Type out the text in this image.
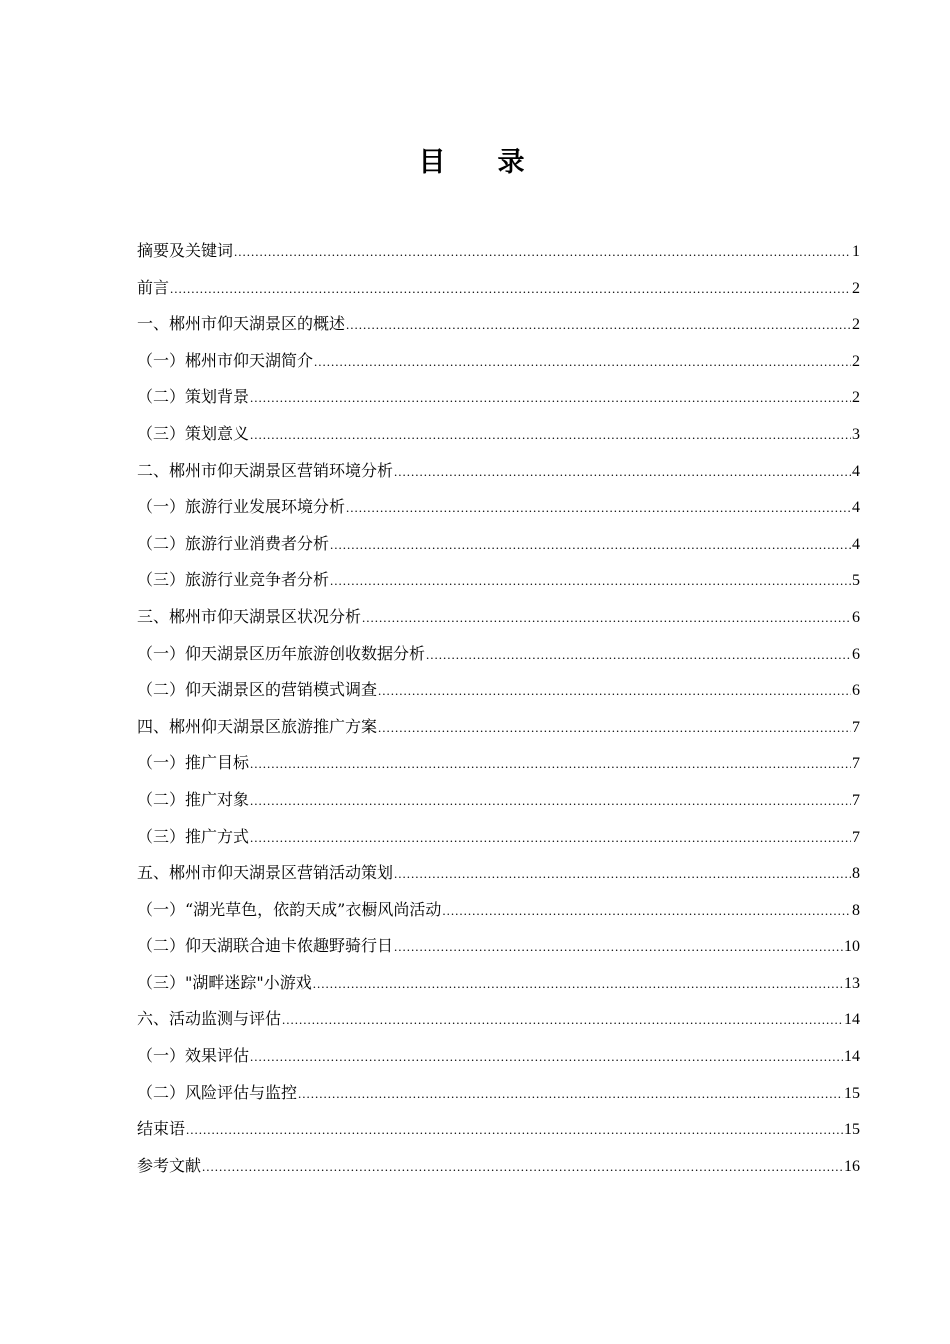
目录
摘要及关键词 .....	1
前言 .....	2
一、郴州市仰天湖景区的概述 .....	2
（一）郴州市仰天湖简介 .....	2
（二）策划背景 .....	2
（三）策划意义 .....	3
二、郴州市仰天湖景区营销环境分析 .....	4
（一）旅游行业发展环境分析 .....	4
（二）旅游行业消费者分析 .....	4
（三）旅游行业竞争者分析 .....	5
三、郴州市仰天湖景区状况分析 .....	6
（一）仰天湖景区历年旅游创收数据分析 .....	6
（二）仰天湖景区的营销模式调查 .....	6
四、郴州仰天湖景区旅游推广方案 .....	7
（一）推广目标 .....	7
（二）推广对象 .....	7
（三）推广方式 .....	7
五、郴州市仰天湖景区营销活动策划 .....	8
（一）“湖光草色，依韵天成”衣橱风尚活动 .....	8
（二）仰天湖联合迪卡侬趣野骑行日 .....	10
（三）"湖畔迷踪"小游戏 .....	13
六、活动监测与评估 .....	14
（一）效果评估 .....	14
（二）风险评估与监控 .....	15
结束语 .....	15
参考文献 .....	16
